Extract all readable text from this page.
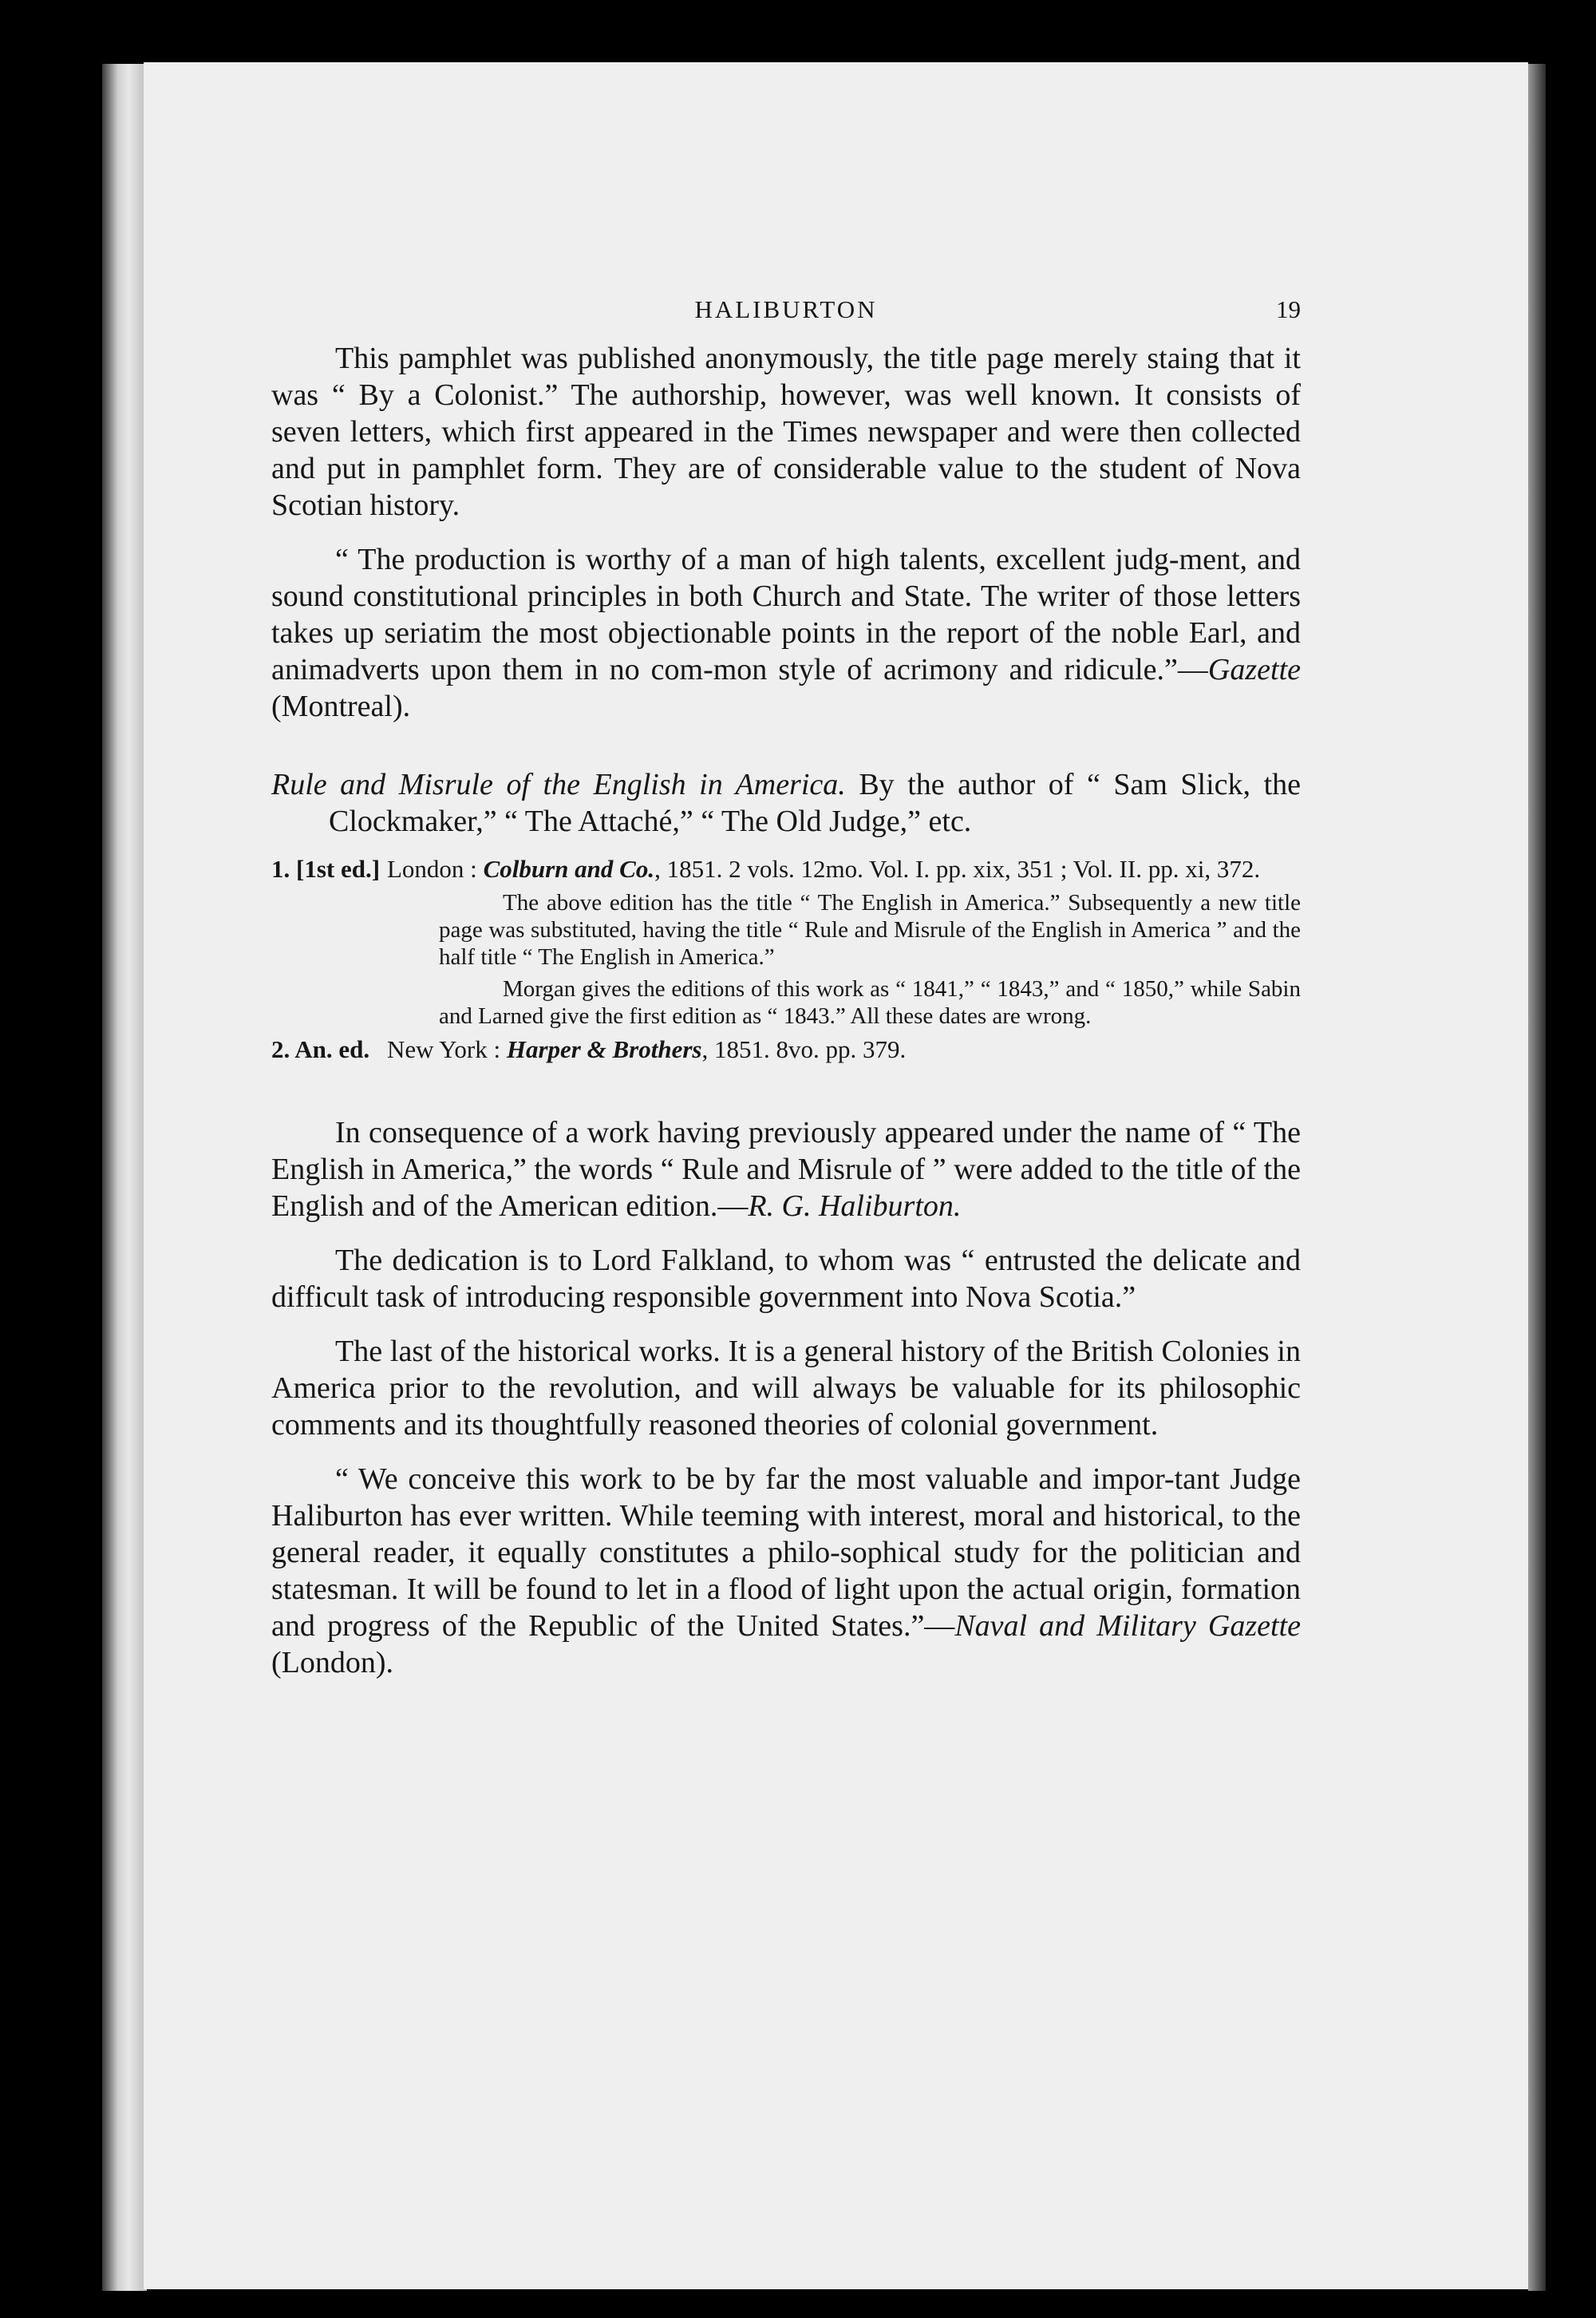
HALIBURTON	19

This pamphlet was published anonymously, the title page merely staing that it was “ By a Colonist.” The authorship, however, was well known. It consists of seven letters, which first appeared in the Times newspaper and were then collected and put in pamphlet form. They are of considerable value to the student of Nova Scotian history.

“ The production is worthy of a man of high talents, excellent judg-ment, and sound constitutional principles in both Church and State. The writer of those letters takes up seriatim the most objectionable points in the report of the noble Earl, and animadverts upon them in no com-mon style of acrimony and ridicule.”—Gazette (Montreal).

Rule and Misrule of the English in America. By the author of “ Sam Slick, the Clockmaker,” “ The Attaché,” “ The Old Judge,” etc.

1. [1st ed.] London : Colburn and Co., 1851. 2 vols. 12mo. Vol. I. pp. xix, 351 ; Vol. II. pp. xi, 372.

The above edition has the title “ The English in America.” Subsequently a new title page was substituted, having the title “ Rule and Misrule of the English in America ” and the half title “ The English in America.”

Morgan gives the editions of this work as “ 1841,” “ 1843,” and “ 1850,” while Sabin and Larned give the first edition as “ 1843.” All these dates are wrong.

2. An. ed. New York : Harper & Brothers, 1851. 8vo. pp. 379.

In consequence of a work having previously appeared under the name of “ The English in America,” the words “ Rule and Misrule of ” were added to the title of the English and of the American edition.—R. G. Haliburton.

The dedication is to Lord Falkland, to whom was “ entrusted the delicate and difficult task of introducing responsible government into Nova Scotia.”

The last of the historical works. It is a general history of the British Colonies in America prior to the revolution, and will always be valuable for its philosophic comments and its thoughtfully reasoned theories of colonial government.

“ We conceive this work to be by far the most valuable and impor-tant Judge Haliburton has ever written. While teeming with interest, moral and historical, to the general reader, it equally constitutes a philo-sophical study for the politician and statesman. It will be found to let in a flood of light upon the actual origin, formation and progress of the Republic of the United States.”—Naval and Military Gazette (London).
